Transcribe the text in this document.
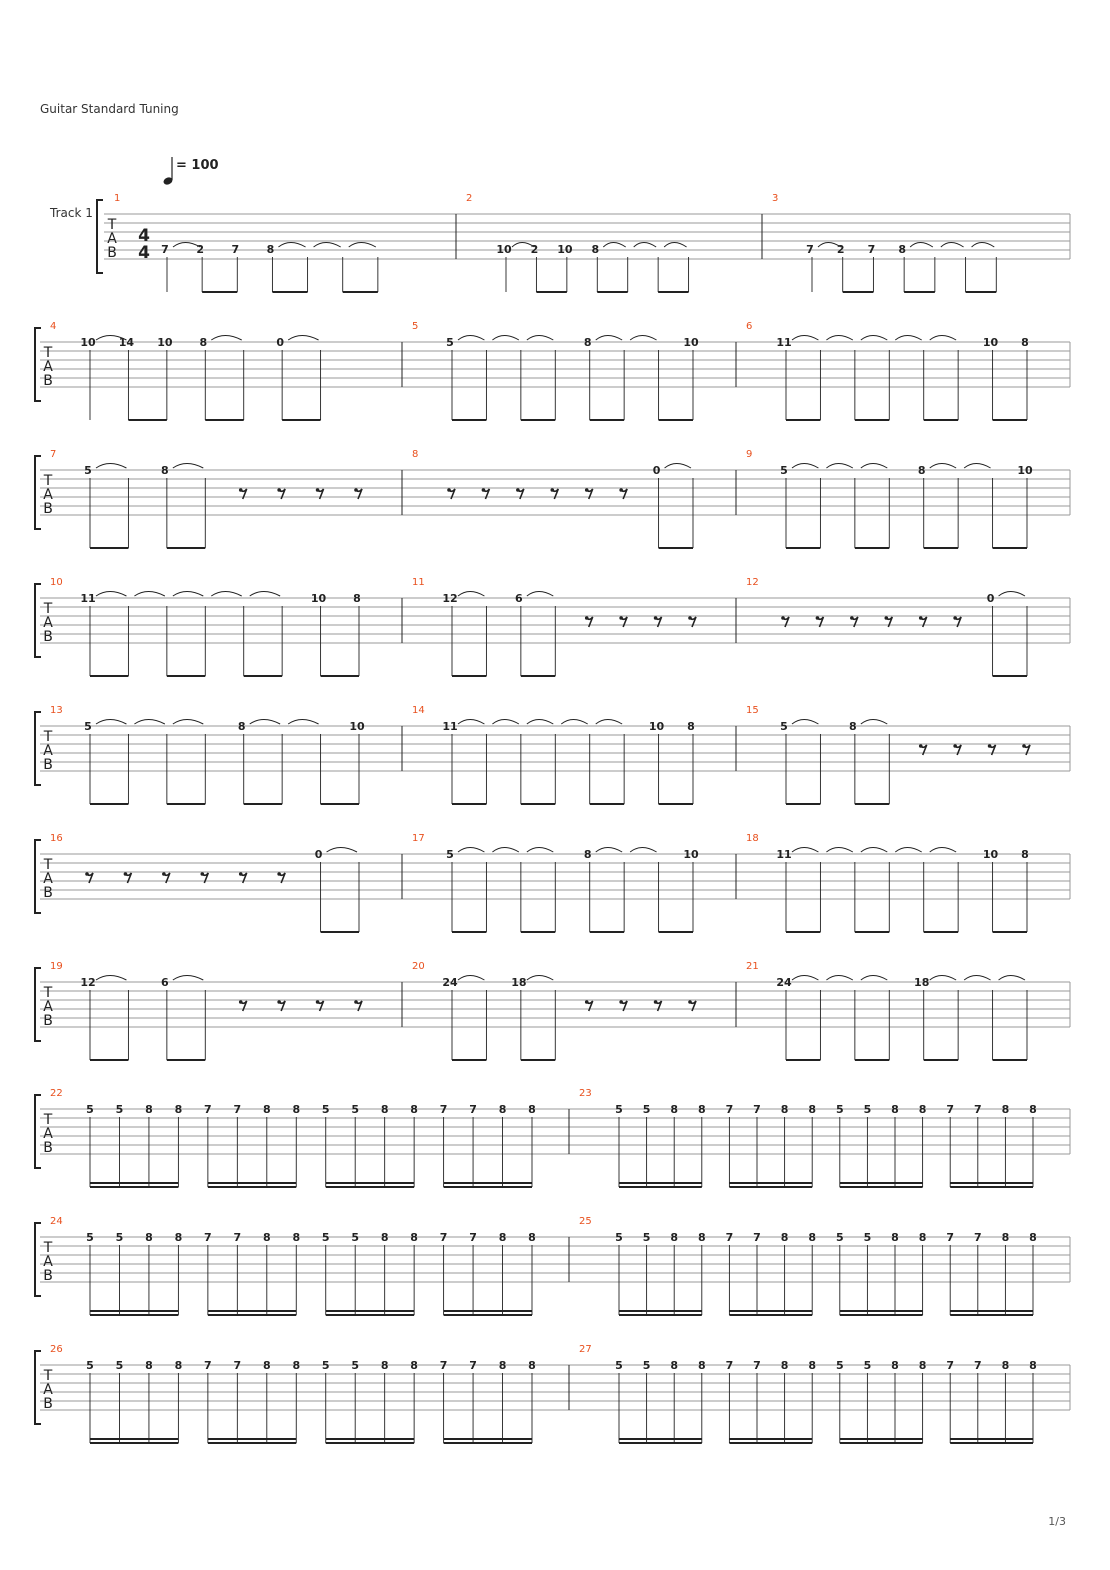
Guitar Standard Tuning
= 100
Track 1
T
A
B
4
4
1
7 2 7 8
2
10 2 10 8
3
7 2 7 8
T
A
B
4
10 14 10 8	0
5
5	8	10
6
11	10 8
T
A
B
7
5	8
8
0
9
5	8	10
T
A
B
10
11	10 8
11
12	6
12
0
T
A
B
13
5	8	10
14
11	10 8
15
5	8
T
A
B
16
0
17
5	8	10
18
11	10 8
T
A
B
19
12	6
20
24	18
21
24	18
T
A
B
22
5 5 8 8 7 7 8 8 5 5 8 8 7 7 8 8
23
5 5 8 8 7 7 8 8 5 5 8 8 7 7 8 8
T
A
B
24
5 5 8 8 7 7 8 8 5 5 8 8 7 7 8 8
25
5 5 8 8 7 7 8 8 5 5 8 8 7 7 8 8
T
A
B
26
5 5 8 8 7 7 8 8 5 5 8 8 7 7 8 8
27
5 5 8 8 7 7 8 8 5 5 8 8 7 7 8 8
1/3
